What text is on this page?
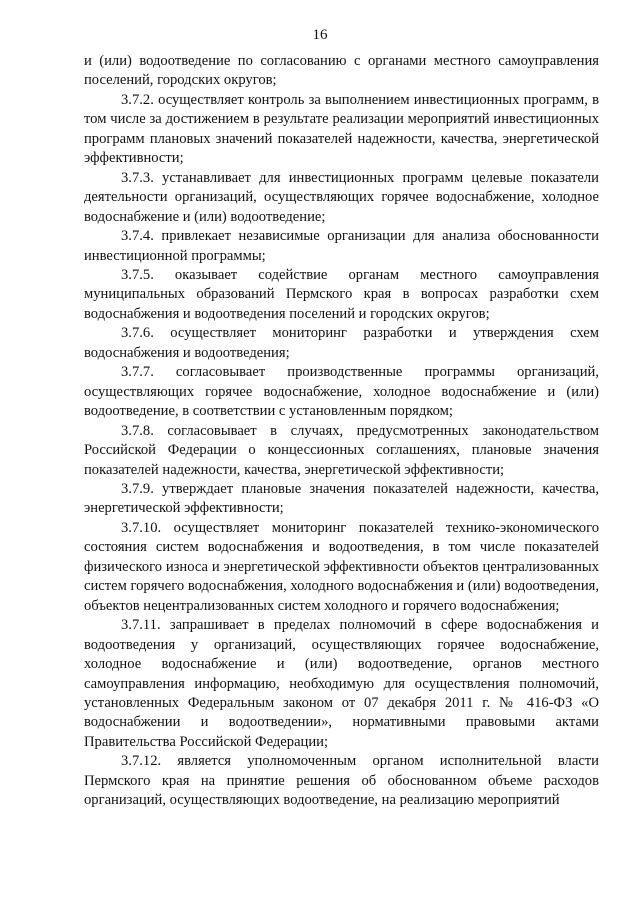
16

и (или) водоотведение по согласованию с органами местного самоуправления поселений, городских округов;

3.7.2. осуществляет контроль за выполнением инвестиционных программ, в том числе за достижением в результате реализации мероприятий инвестиционных программ плановых значений показателей надежности, качества, энергетической эффективности;

3.7.3. устанавливает для инвестиционных программ целевые показатели деятельности организаций, осуществляющих горячее водоснабжение, холодное водоснабжение и (или) водоотведение;

3.7.4. привлекает независимые организации для анализа обоснованности инвестиционной программы;

3.7.5. оказывает содействие органам местного самоуправления муниципальных образований Пермского края в вопросах разработки схем водоснабжения и водоотведения поселений и городских округов;

3.7.6. осуществляет мониторинг разработки и утверждения схем водоснабжения и водоотведения;

3.7.7. согласовывает производственные программы организаций, осуществляющих горячее водоснабжение, холодное водоснабжение и (или) водоотведение, в соответствии с установленным порядком;

3.7.8. согласовывает в случаях, предусмотренных законодательством Российской Федерации о концессионных соглашениях, плановые значения показателей надежности, качества, энергетической эффективности;

3.7.9. утверждает плановые значения показателей надежности, качества, энергетической эффективности;

3.7.10. осуществляет мониторинг показателей технико-экономического состояния систем водоснабжения и водоотведения, в том числе показателей физического износа и энергетической эффективности объектов централизованных систем горячего водоснабжения, холодного водоснабжения и (или) водоотведения, объектов нецентрализованных систем холодного и горячего водоснабжения;

3.7.11. запрашивает в пределах полномочий в сфере водоснабжения и водоотведения у организаций, осуществляющих горячее водоснабжение, холодное водоснабжение и (или) водоотведение, органов местного самоуправления информацию, необходимую для осуществления полномочий, установленных Федеральным законом от 07 декабря 2011 г. № 416-ФЗ «О водоснабжении и водоотведении», нормативными правовыми актами Правительства Российской Федерации;

3.7.12. является уполномоченным органом исполнительной власти Пермского края на принятие решения об обоснованном объеме расходов организаций, осуществляющих водоотведение, на реализацию мероприятий
